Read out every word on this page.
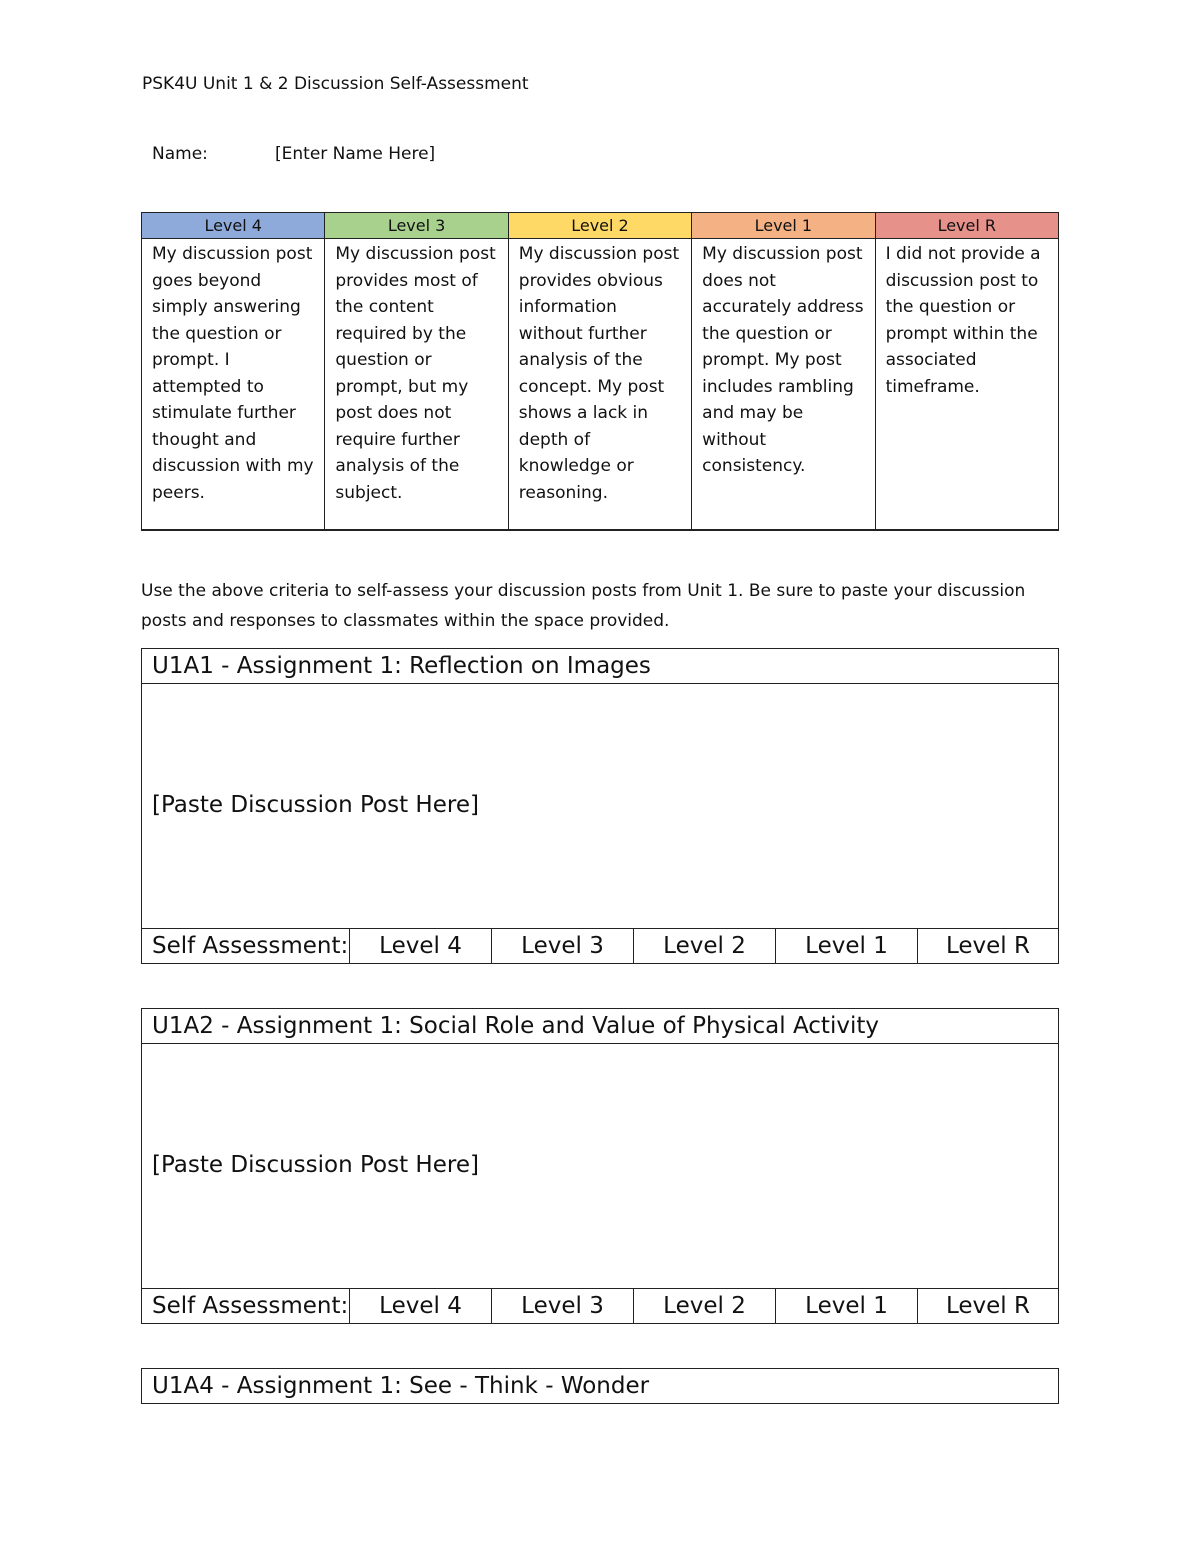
PSK4U Unit 1 & 2 Discussion Self-Assessment
Name:	[Enter Name Here]
Level 4	Level 3	Level 2	Level 1	Level R
My discussion post goes beyond simply answering the question or prompt. I attempted to stimulate further thought and discussion with my peers.	My discussion post provides most of the content required by the question or prompt, but my post does not require further analysis of the subject.	My discussion post provides obvious information without further analysis of the concept. My post shows a lack in depth of knowledge or reasoning.	My discussion post does not accurately address the question or prompt. My post includes rambling and may be without consistency.	I did not provide a discussion post to the question or prompt within the associated timeframe.
Use the above criteria to self-assess your discussion posts from Unit 1. Be sure to paste your discussion posts and responses to classmates within the space provided.
U1A1 - Assignment 1: Reflection on Images
[Paste Discussion Post Here]
Self Assessment:	Level 4	Level 3	Level 2	Level 1	Level R
U1A2 - Assignment 1: Social Role and Value of Physical Activity
[Paste Discussion Post Here]
Self Assessment:	Level 4	Level 3	Level 2	Level 1	Level R
U1A4 - Assignment 1: See - Think - Wonder
